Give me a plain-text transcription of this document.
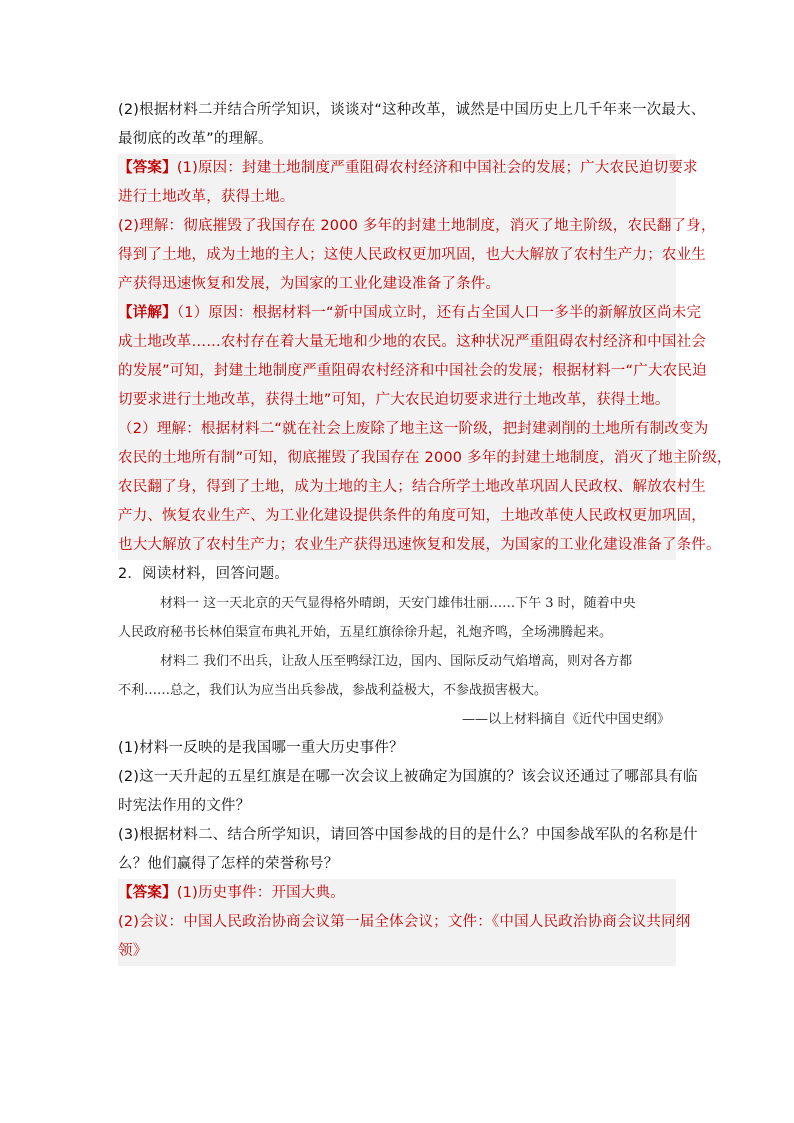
(2)根据材料二并结合所学知识，谈谈对“这种改革，诚然是中国历史上几千年来一次最大、
最彻底的改革”的理解。
【答案】(1)原因：封建土地制度严重阻碍农村经济和中国社会的发展；广大农民迫切要求
进行土地改革，获得土地。
(2)理解：彻底摧毁了我国存在 2000 多年的封建土地制度，消灭了地主阶级，农民翻了身，
得到了土地，成为土地的主人；这使人民政权更加巩固，也大大解放了农村生产力；农业生
产获得迅速恢复和发展，为国家的工业化建设准备了条件。
【详解】（1）原因：根据材料一“新中国成立时，还有占全国人口一多半的新解放区尚未完
成土地改革……农村存在着大量无地和少地的农民。这种状况严重阻碍农村经济和中国社会
的发展”可知，封建土地制度严重阻碍农村经济和中国社会的发展；根据材料一“广大农民迫
切要求进行土地改革，获得土地”可知，广大农民迫切要求进行土地改革，获得土地。
（2）理解：根据材料二“就在社会上废除了地主这一阶级，把封建剥削的土地所有制改变为
农民的土地所有制”可知，彻底摧毁了我国存在 2000 多年的封建土地制度，消灭了地主阶级，
农民翻了身，得到了土地，成为土地的主人；结合所学土地改革巩固人民政权、解放农村生
产力、恢复农业生产、为工业化建设提供条件的角度可知，土地改革使人民政权更加巩固，
也大大解放了农村生产力；农业生产获得迅速恢复和发展，为国家的工业化建设准备了条件。
2．阅读材料，回答问题。
材料一 这一天北京的天气显得格外晴朗，天安门雄伟壮丽……下午 3 时，随着中央
人民政府秘书长林伯渠宣布典礼开始，五星红旗徐徐升起，礼炮齐鸣，全场沸腾起来。
材料二 我们不出兵，让敌人压至鸭绿江边，国内、国际反动气焰增高，则对各方都
不利……总之，我们认为应当出兵参战，参战利益极大，不参战损害极大。
——以上材料摘自《近代中国史纲》
(1)材料一反映的是我国哪一重大历史事件？
(2)这一天升起的五星红旗是在哪一次会议上被确定为国旗的？该会议还通过了哪部具有临
时宪法作用的文件？
(3)根据材料二、结合所学知识，请回答中国参战的目的是什么？中国参战军队的名称是什
么？他们赢得了怎样的荣誉称号？
【答案】(1)历史事件：开国大典。
(2)会议：中国人民政治协商会议第一届全体会议；文件：《中国人民政治协商会议共同纲
领》
